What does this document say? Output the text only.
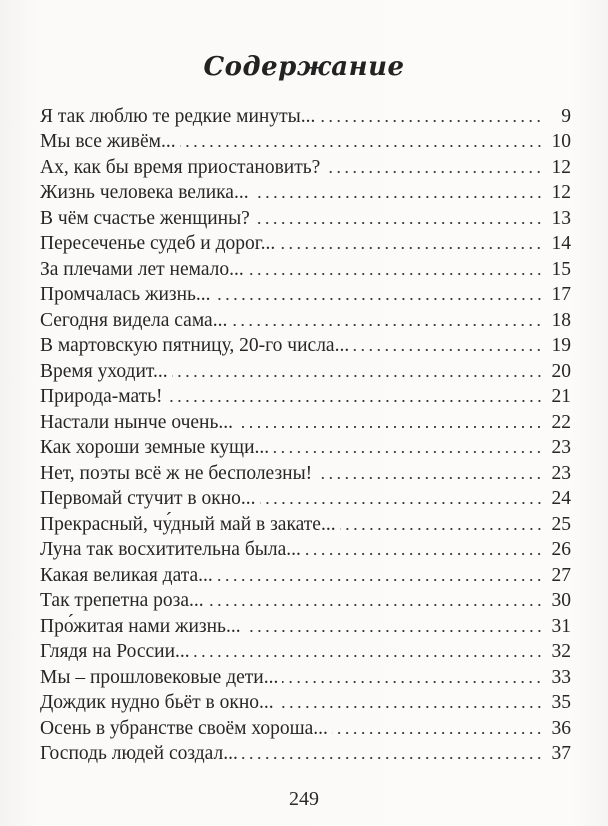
Содержание
Я так люблю те редкие минуты...	9
Мы все живём...	10
Ах, как бы время приостановить?	12
Жизнь человека велика...	12
В чём счастье женщины?	13
Пересеченье судеб и дорог...	14
За плечами лет немало...	15
Промчалась жизнь...	17
Сегодня видела сама...	18
В мартовскую пятницу, 20-го числа...	19
Время уходит...	20
Природа-мать!	21
Настали нынче очень...	22
Как хороши земные кущи...	23
Нет, поэты всё ж не бесполезны!	23
Первомай стучит в окно...	24
Прекрасный, чу́дный май в закате...	25
Луна так восхитительна была...	26
Какая великая дата...	27
Так трепетна роза...	30
Про́житая нами жизнь...	31
Глядя на России...	32
Мы – прошловековые дети...	33
Дождик нудно бьёт в окно...	35
Осень в убранстве своём хороша...	36
Господь людей создал...	37
249
